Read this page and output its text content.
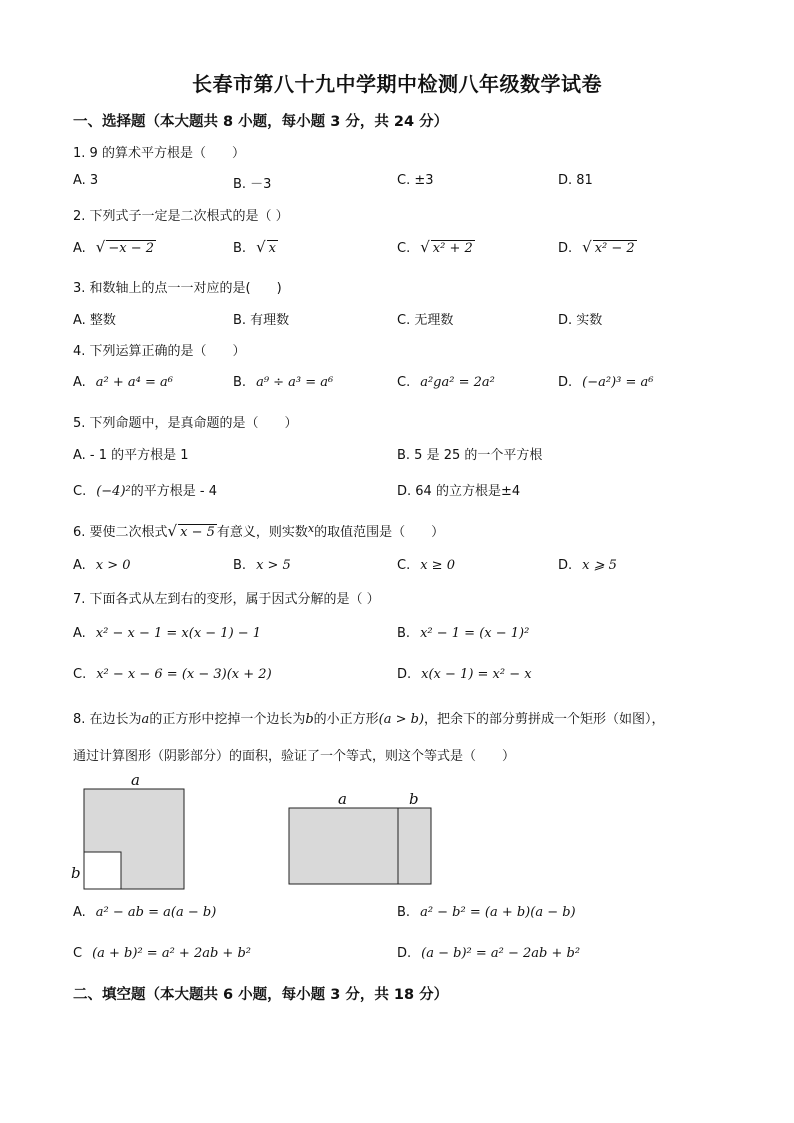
长春市第八十九中学期中检测八年级数学试卷
一、选择题（本大题共 8 小题，每小题 3 分，共 24 分）
1. 9 的算术平方根是（　　）
A. 3	B. －3	C. ±3	D. 81
2. 下列式子一定是二次根式的是（ ）
A. √ −x − 2	B. √ x	C. √ x² + 2	D. √ x² − 2
3. 和数轴上的点一一对应的是(　　)
A. 整数	B. 有理数	C. 无理数	D. 实数
4. 下列运算正确的是（　　）
A. a² + a⁴ = a⁶	B. a⁹ ÷ a³ = a⁶	C. a²gа² = 2a²	D. (−a²)³ = a⁶
5. 下列命题中，是真命题的是（　　）
A. - 1 的平方根是 1	B. 5 是 25 的一个平方根
C. (−4)²的平方根是 - 4	D. 64 的立方根是±4
6. 要使二次根式√ x − 5 有意义，则实数$^x$的取值范围是（　　）
A. x > 0	B. x > 5	C. x ≥ 0	D. x ⩾ 5
7. 下面各式从左到右的变形，属于因式分解的是（ ）
A. x² − x − 1 = x(x − 1) − 1	B. x² − 1 = (x − 1)²
C. x² − x − 6 = (x − 3)(x + 2)	D. x(x − 1) = x² − x
8. 在边长为a的正方形中挖掉一个边长为b的小正方形(a > b)，把余下的部分剪拼成一个矩形（如图），
通过计算图形（阴影部分）的面积，验证了一个等式，则这个等式是（　　）
a
b
a	b
A. a² − ab = a(a − b)	B. a² − b² = (a + b)(a − b)
C (a + b)² = a² + 2ab + b²	D. (a − b)² = a² − 2ab + b²
二、填空题（本大题共 6 小题，每小题 3 分，共 18 分）
